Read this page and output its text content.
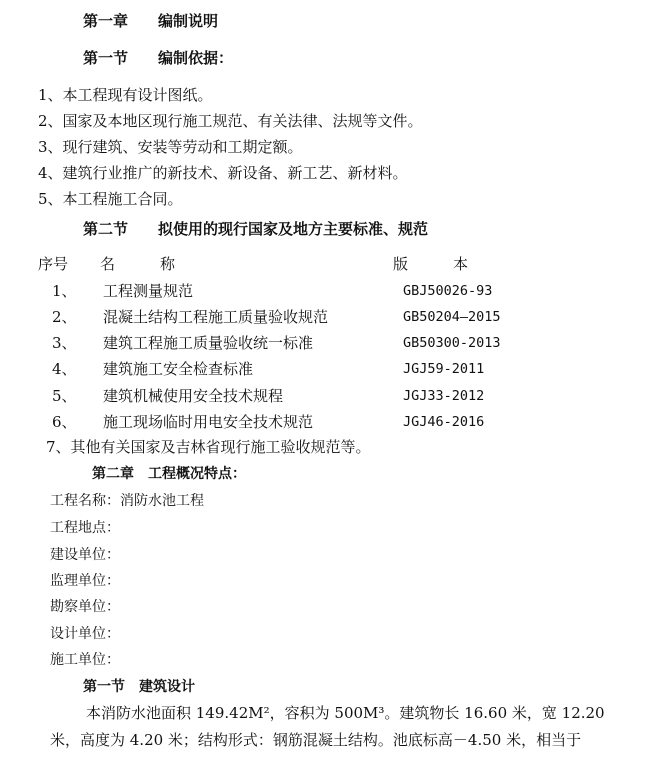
第一章　　编制说明
第一节　　编制依据：
1、本工程现有设计图纸。
2、国家及本地区现行施工规范、有关法律、法规等文件。
3、现行建筑、安装等劳动和工期定额。
4、建筑行业推广的新技术、新设备、新工艺、新材料。
5、本工程施工合同。
第二节　　拟使用的现行国家及地方主要标准、规范
序号 名　　　称	版　　　本
1、 工程测量规范	GBJ50026-93
2、 混凝土结构工程施工质量验收规范	GB50204—2015
3、 建筑工程施工质量验收统一标准	GB50300-2013
4、 建筑施工安全检查标准	JGJ59-2011
5、 建筑机械使用安全技术规程	JGJ33-2012
6、 施工现场临时用电安全技术规范	JGJ46-2016
7、其他有关国家及吉林省现行施工验收规范等。
第二章　工程概况特点：
工程名称：消防水池工程
工程地点：
建设单位：
监理单位：
勘察单位：
设计单位：
施工单位：
第一节　建筑设计
本消防水池面积 149.42M²，容积为 500M³。建筑物长 16.60 米，宽 12.20
米，高度为 4.20 米；结构形式：钢筋混凝土结构。池底标高－4.50 米，相当于
